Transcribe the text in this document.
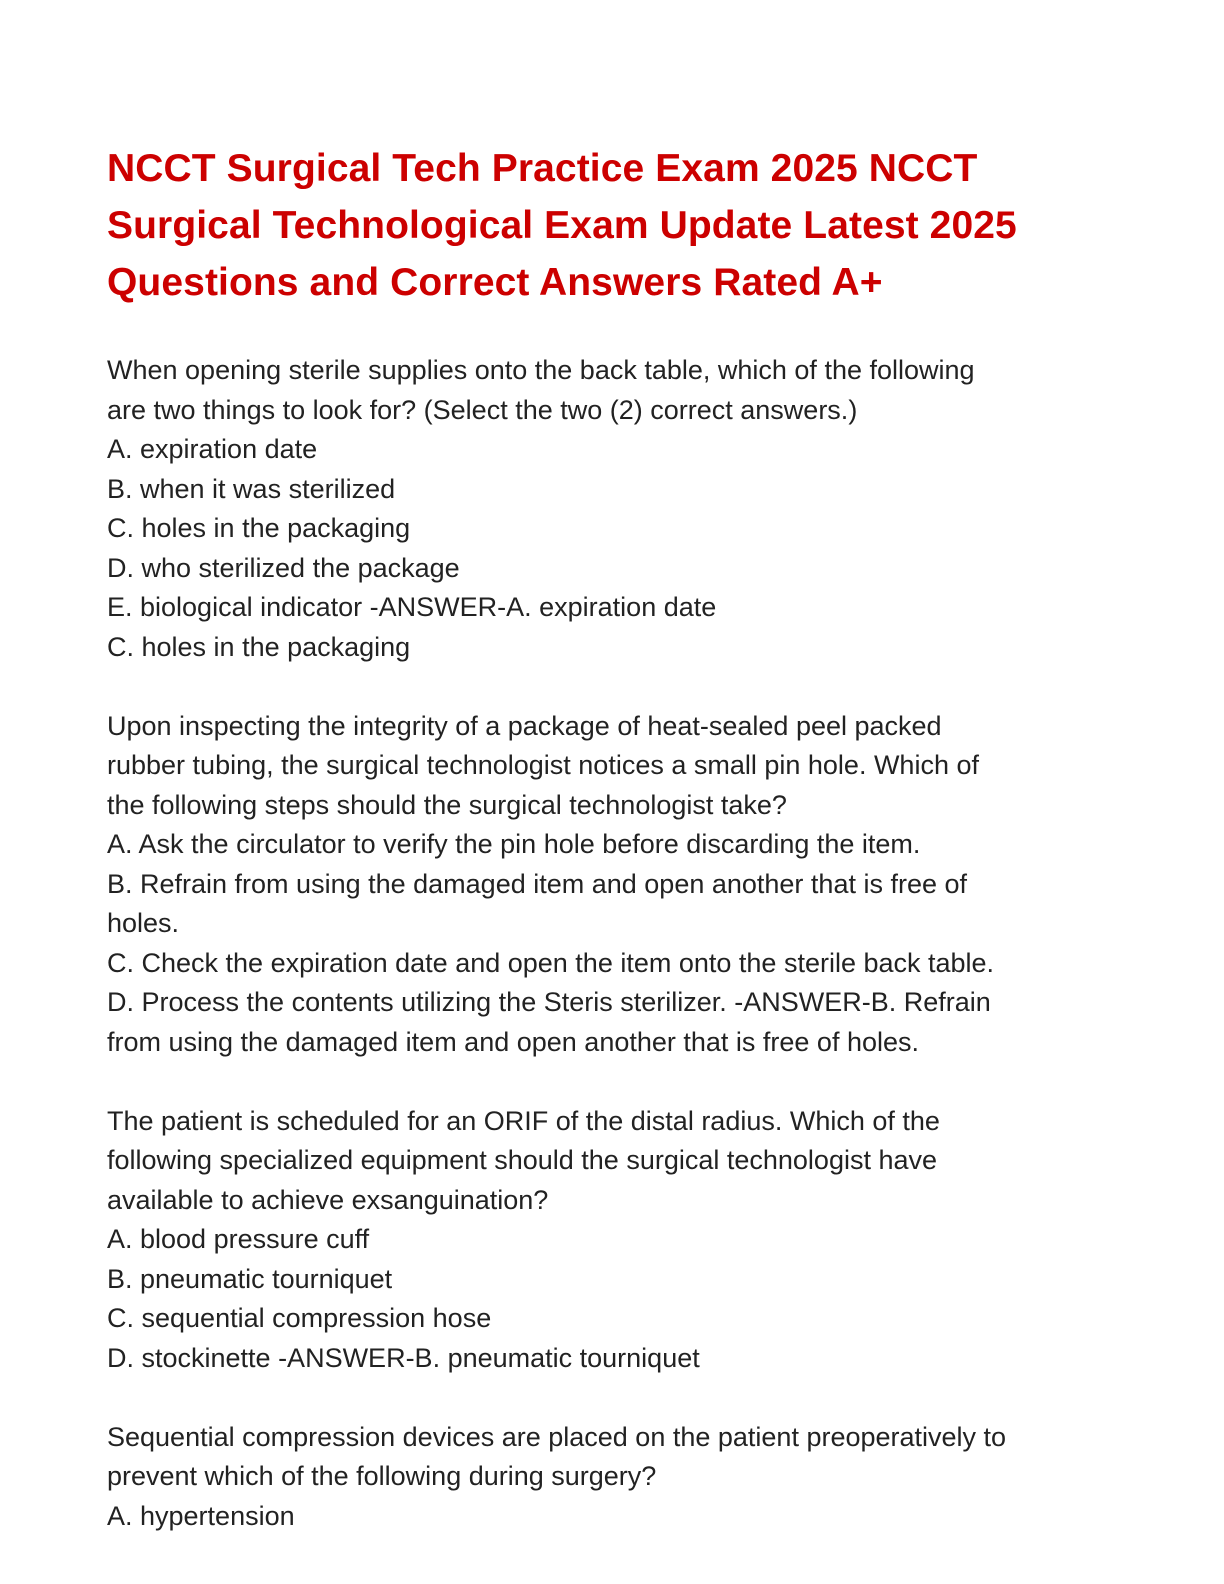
NCCT Surgical Tech Practice Exam 2025 NCCT
Surgical Technological Exam Update Latest 2025
Questions and Correct Answers Rated A+
When opening sterile supplies onto the back table, which of the following
are two things to look for? (Select the two (2) correct answers.)
A. expiration date
B. when it was sterilized
C. holes in the packaging
D. who sterilized the package
E. biological indicator -ANSWER-A. expiration date
C. holes in the packaging
Upon inspecting the integrity of a package of heat-sealed peel packed
rubber tubing, the surgical technologist notices a small pin hole. Which of
the following steps should the surgical technologist take?
A. Ask the circulator to verify the pin hole before discarding the item.
B. Refrain from using the damaged item and open another that is free of
holes.
C. Check the expiration date and open the item onto the sterile back table.
D. Process the contents utilizing the Steris sterilizer. -ANSWER-B. Refrain
from using the damaged item and open another that is free of holes.
The patient is scheduled for an ORIF of the distal radius. Which of the
following specialized equipment should the surgical technologist have
available to achieve exsanguination?
A. blood pressure cuff
B. pneumatic tourniquet
C. sequential compression hose
D. stockinette -ANSWER-B. pneumatic tourniquet
Sequential compression devices are placed on the patient preoperatively to
prevent which of the following during surgery?
A. hypertension
